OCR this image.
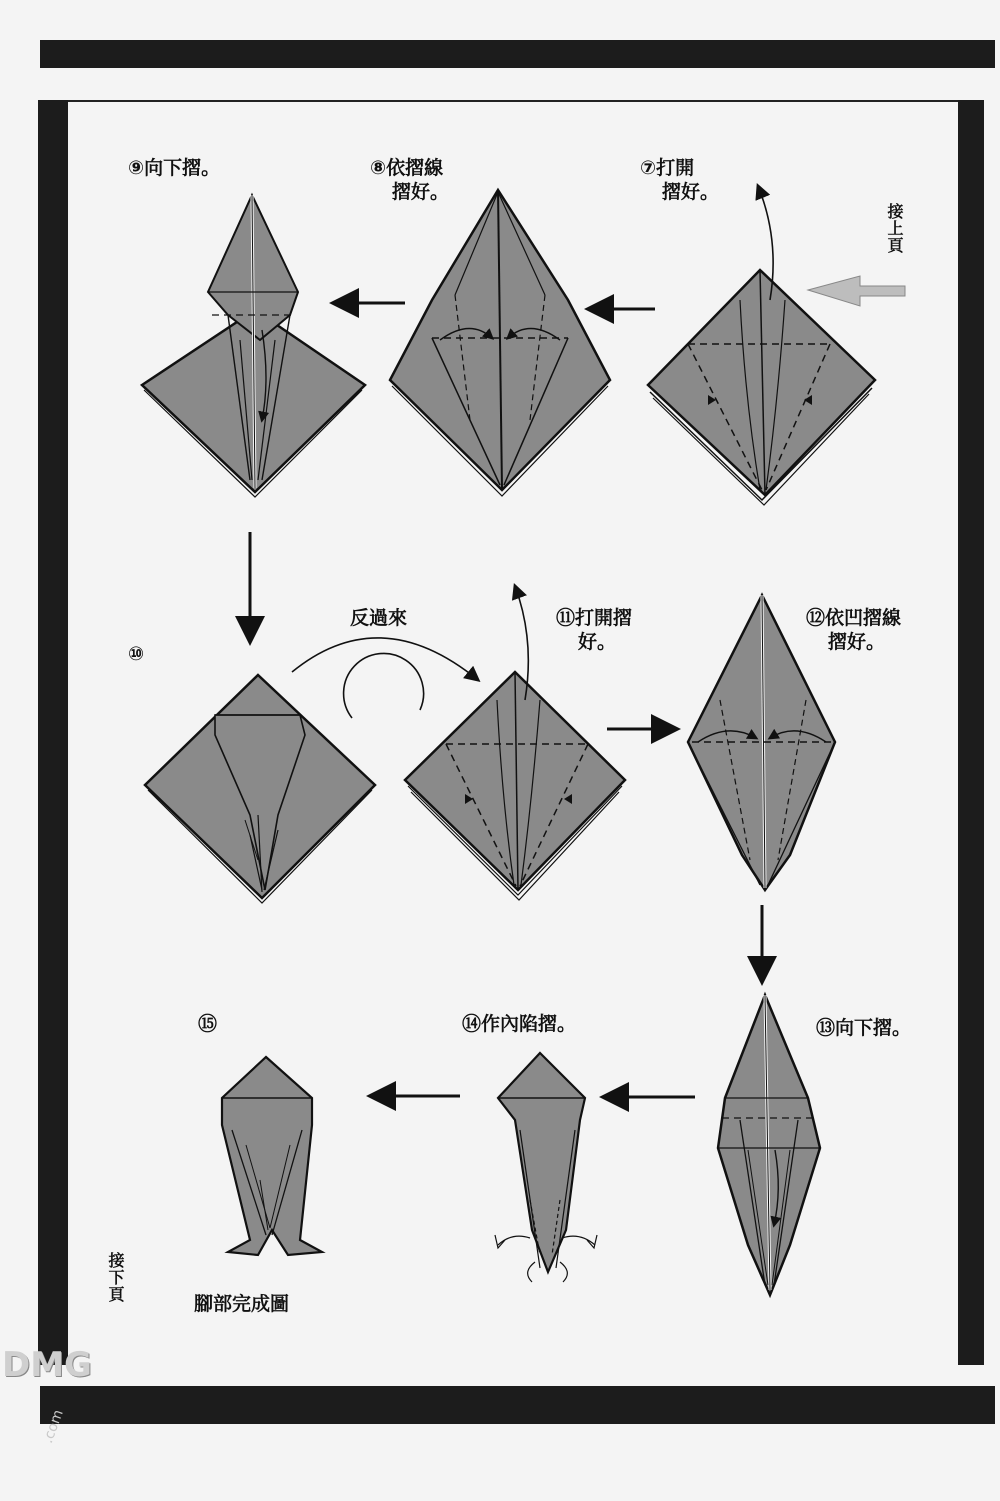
⑨向下摺。	⑧依摺線
摺好。
⑦打開
摺好。
接上頁
⑩
反過來	⑪打開摺
好。
⑫依凹摺線
摺好。
⑮	⑭作內陷摺。	⑬向下摺。
腳部完成圖
接下頁
DMG
.com
